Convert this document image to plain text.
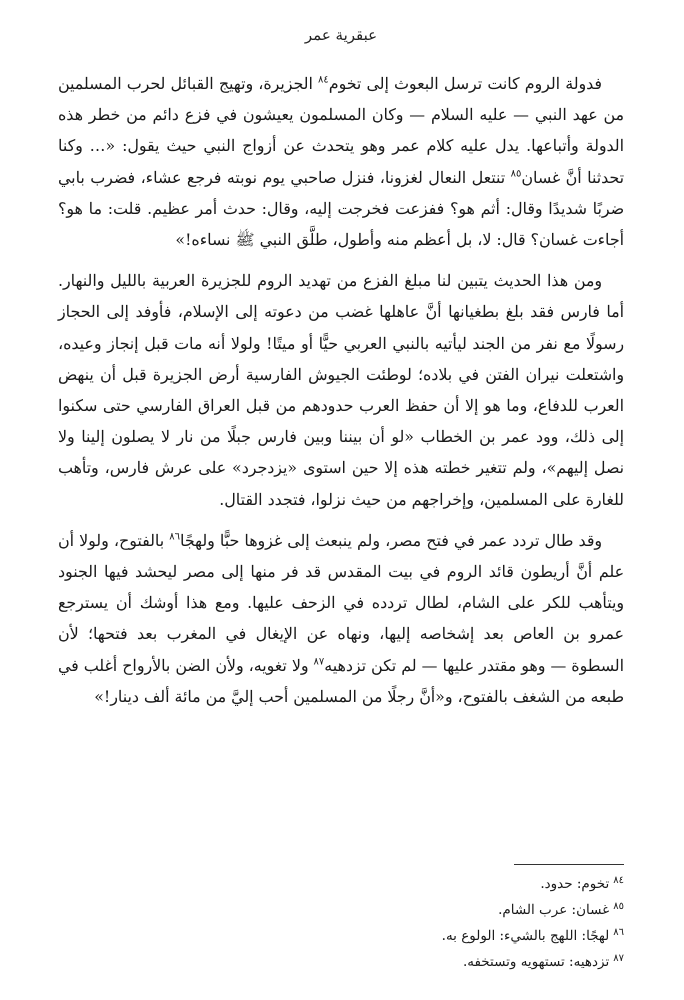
عبقرية عمر

فدولة الروم كانت ترسل البعوث إلى تخوم$^{٨٤}$ الجزيرة، وتهيج القبائل لحرب المسلمين من عهد النبي — عليه السلام — وكان المسلمون يعيشون في فزع دائم من خطر هذه الدولة وأتباعها. يدل عليه كلام عمر وهو يتحدث عن أزواج النبي حيث يقول: «… وكنا تحدثنا أنَّ غسان$^{٨٥}$ تنتعل النعال لغزونا، فنزل صاحبي يوم نوبته فرجع عشاء، فضرب بابي ضربًا شديدًا وقال: أثم هو؟ ففزعت فخرجت إليه، وقال: حدث أمر عظيم. قلت: ما هو؟ أجاءت غسان؟ قال: لا، بل أعظم منه وأطول، طلَّق النبي ﷺ نساءه!»

ومن هذا الحديث يتبين لنا مبلغ الفزع من تهديد الروم للجزيرة العربية بالليل والنهار. أما فارس فقد بلغ بطغيانها أنَّ عاهلها غضب من دعوته إلى الإسلام، فأوفد إلى الحجاز رسولًا مع نفر من الجند ليأتيه بالنبي العربي حيًّا أو ميتًا! ولولا أنه مات قبل إنجاز وعيده، واشتعلت نيران الفتن في بلاده؛ لوطئت الجيوش الفارسية أرض الجزيرة قبل أن ينهض العرب للدفاع، وما هو إلا أن حفظ العرب حدودهم من قبل العراق الفارسي حتى سكنوا إلى ذلك، وود عمر بن الخطاب «لو أن بيننا وبين فارس جبلًا من نار لا يصلون إلينا ولا نصل إليهم»، ولم تتغير خطته هذه إلا حين استوى «يزدجرد» على عرش فارس، وتأهب للغارة على المسلمين، وإخراجهم من حيث نزلوا، فتجدد القتال.

وقد طال تردد عمر في فتح مصر، ولم ينبعث إلى غزوها حبًّا ولهجًا$^{٨٦}$ بالفتوح، ولولا أن علم أنَّ أريطون قائد الروم في بيت المقدس قد فر منها إلى مصر ليحشد فيها الجنود ويتأهب للكر على الشام، لطال تردده في الزحف عليها. ومع هذا أوشك أن يسترجع عمرو بن العاص بعد إشخاصه إليها، ونهاه عن الإيغال في المغرب بعد فتحها؛ لأن السطوة — وهو مقتدر عليها — لم تكن تزدهيه$^{٨٧}$ ولا تغويه، ولأن الضن بالأرواح أغلب في طبعه من الشغف بالفتوح، و«أنَّ رجلًا من المسلمين أحب إليَّ من مائة ألف دينار!»

$^{٨٤}$تخوم: حدود.
$^{٨٥}$غسان: عرب الشام.
$^{٨٦}$لهجًا: اللهج بالشيء: الولوع به.
$^{٨٧}$تزدهيه: تستهويه وتستخفه.
